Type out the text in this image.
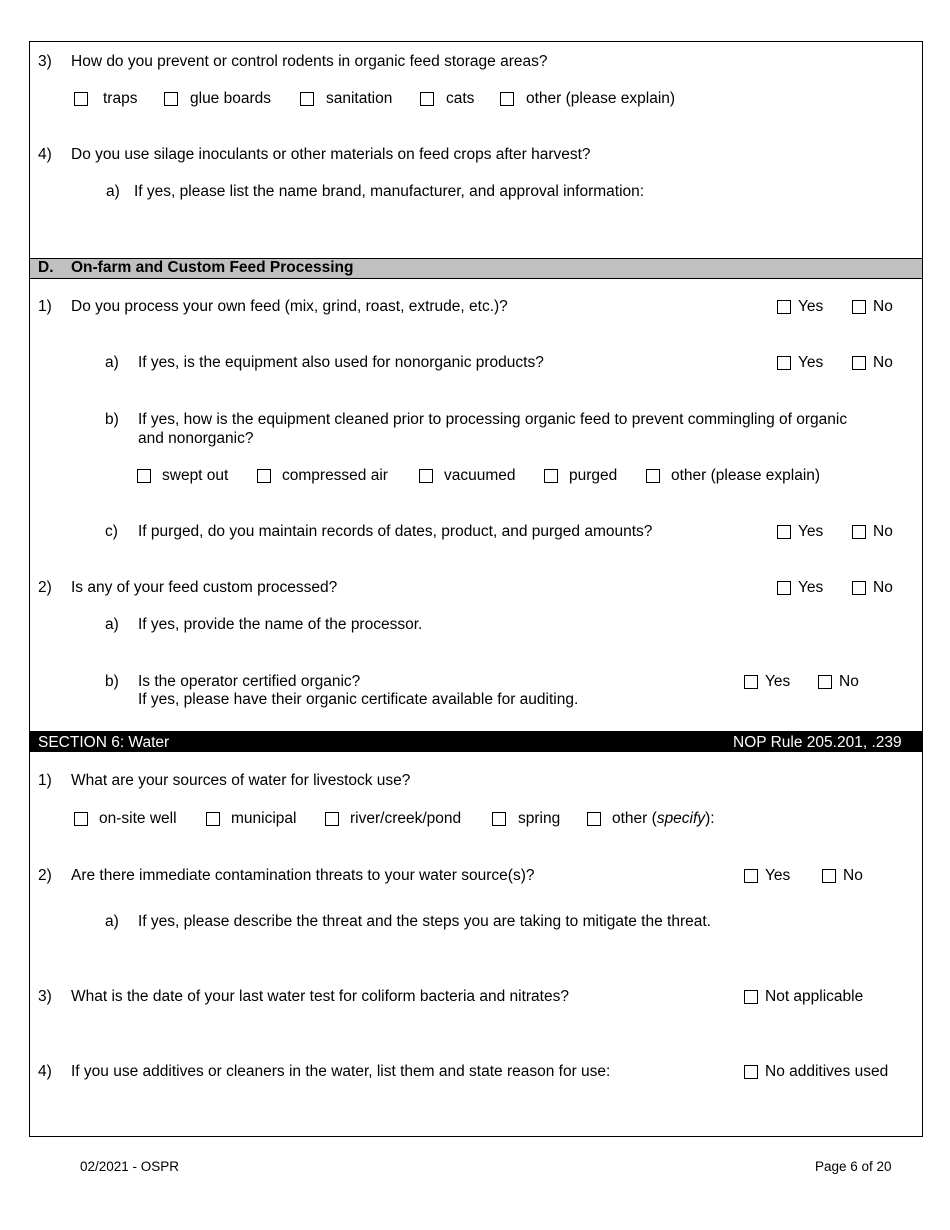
3) How do you prevent or control rodents in organic feed storage areas?
traps	glue boards	sanitation	cats	other (please explain)
4) Do you use silage inoculants or other materials on feed crops after harvest?
a) If yes, please list the name brand, manufacturer, and approval information:
D. On-farm and Custom Feed Processing
1) Do you process your own feed (mix, grind, roast, extrude, etc.)?	Yes	No
a) If yes, is the equipment also used for nonorganic products?	Yes	No
b) If yes, how is the equipment cleaned prior to processing organic feed to prevent commingling of organic
and nonorganic?
swept out	compressed air	vacuumed	purged	other (please explain)
c) If purged, do you maintain records of dates, product, and purged amounts?	Yes	No
2) Is any of your feed custom processed?	Yes	No
a) If yes, provide the name of the processor.
b) Is the operator certified organic?
If yes, please have their organic certificate available for auditing.
Yes	No
SECTION 6: Water	NOP Rule 205.201, .239
1) What are your sources of water for livestock use?
on-site well	municipal	river/creek/pond	spring	other (specify):
2) Are there immediate contamination threats to your water source(s)?	Yes	No
a) If yes, please describe the threat and the steps you are taking to mitigate the threat.
3) What is the date of your last water test for coliform bacteria and nitrates?	Not applicable
4) If you use additives or cleaners in the water, list them and state reason for use:	No additives used
02/2021 - OSPR	Page 6 of 20
